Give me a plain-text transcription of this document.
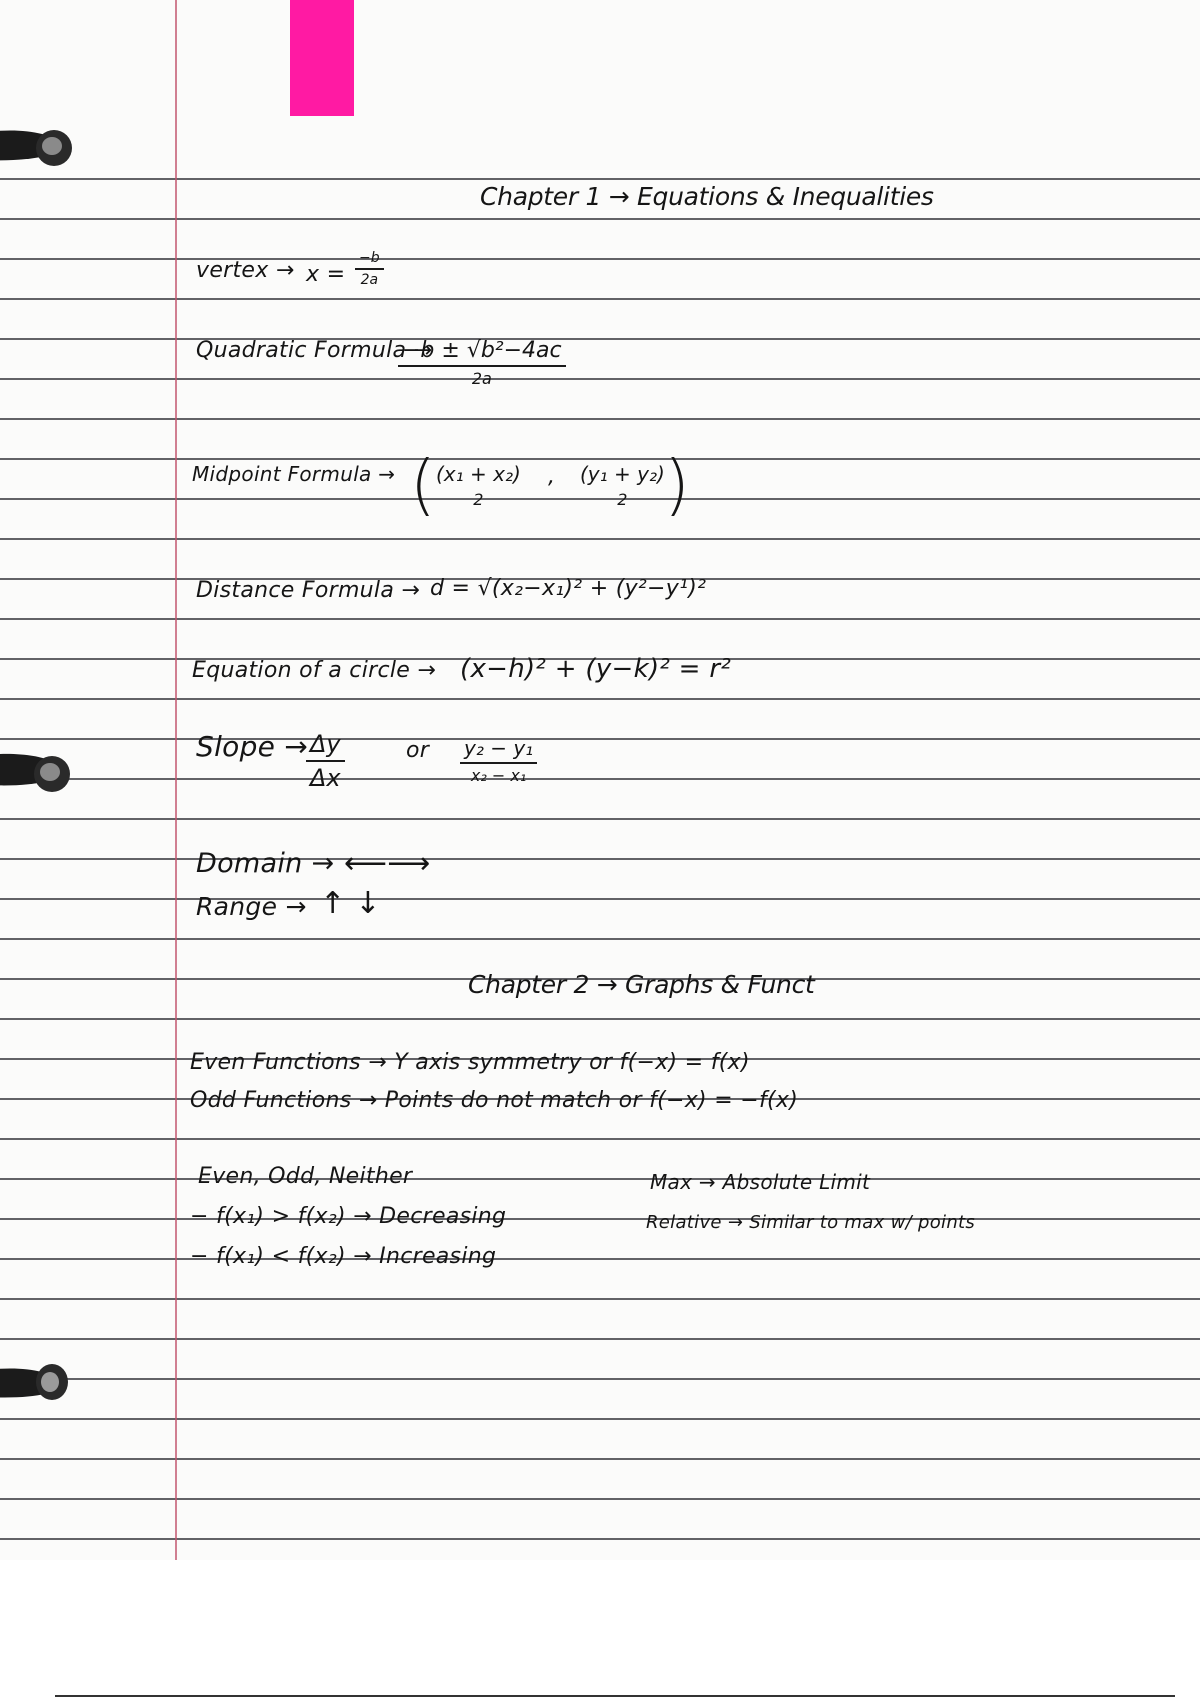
Chapter 1 → Equations & Inequalities
vertex → $x = \frac{-b}{2a}$
Quadratic Formula →
−b ± √b²−4ac
2a
Midpoint Formula → ( (x₁ + x₂)
2
, (y₁ + y₂)
2 )
Distance Formula → d = √(x₂−x₁)² + (y²−y¹)²
Equation of a circle → (x−h)² + (y−k)² = r²
Slope →
$\frac{\Delta y}{\Delta x}$	or y₂ − y₁
x₂ − x₁
Domain → ⟵⟶
Range → ↑ ↓
Chapter 2 → Graphs & Funct
Even Functions → Y axis symmetry or f(−x) = f(x)
Odd Functions → Points do not match or f(−x) = −f(x)
Even, Odd, Neither
− f(x₁) > f(x₂) → Decreasing
− f(x₁) < f(x₂) → Increasing
Max → Absolute Limit
Relative → Similar to max w/ points
